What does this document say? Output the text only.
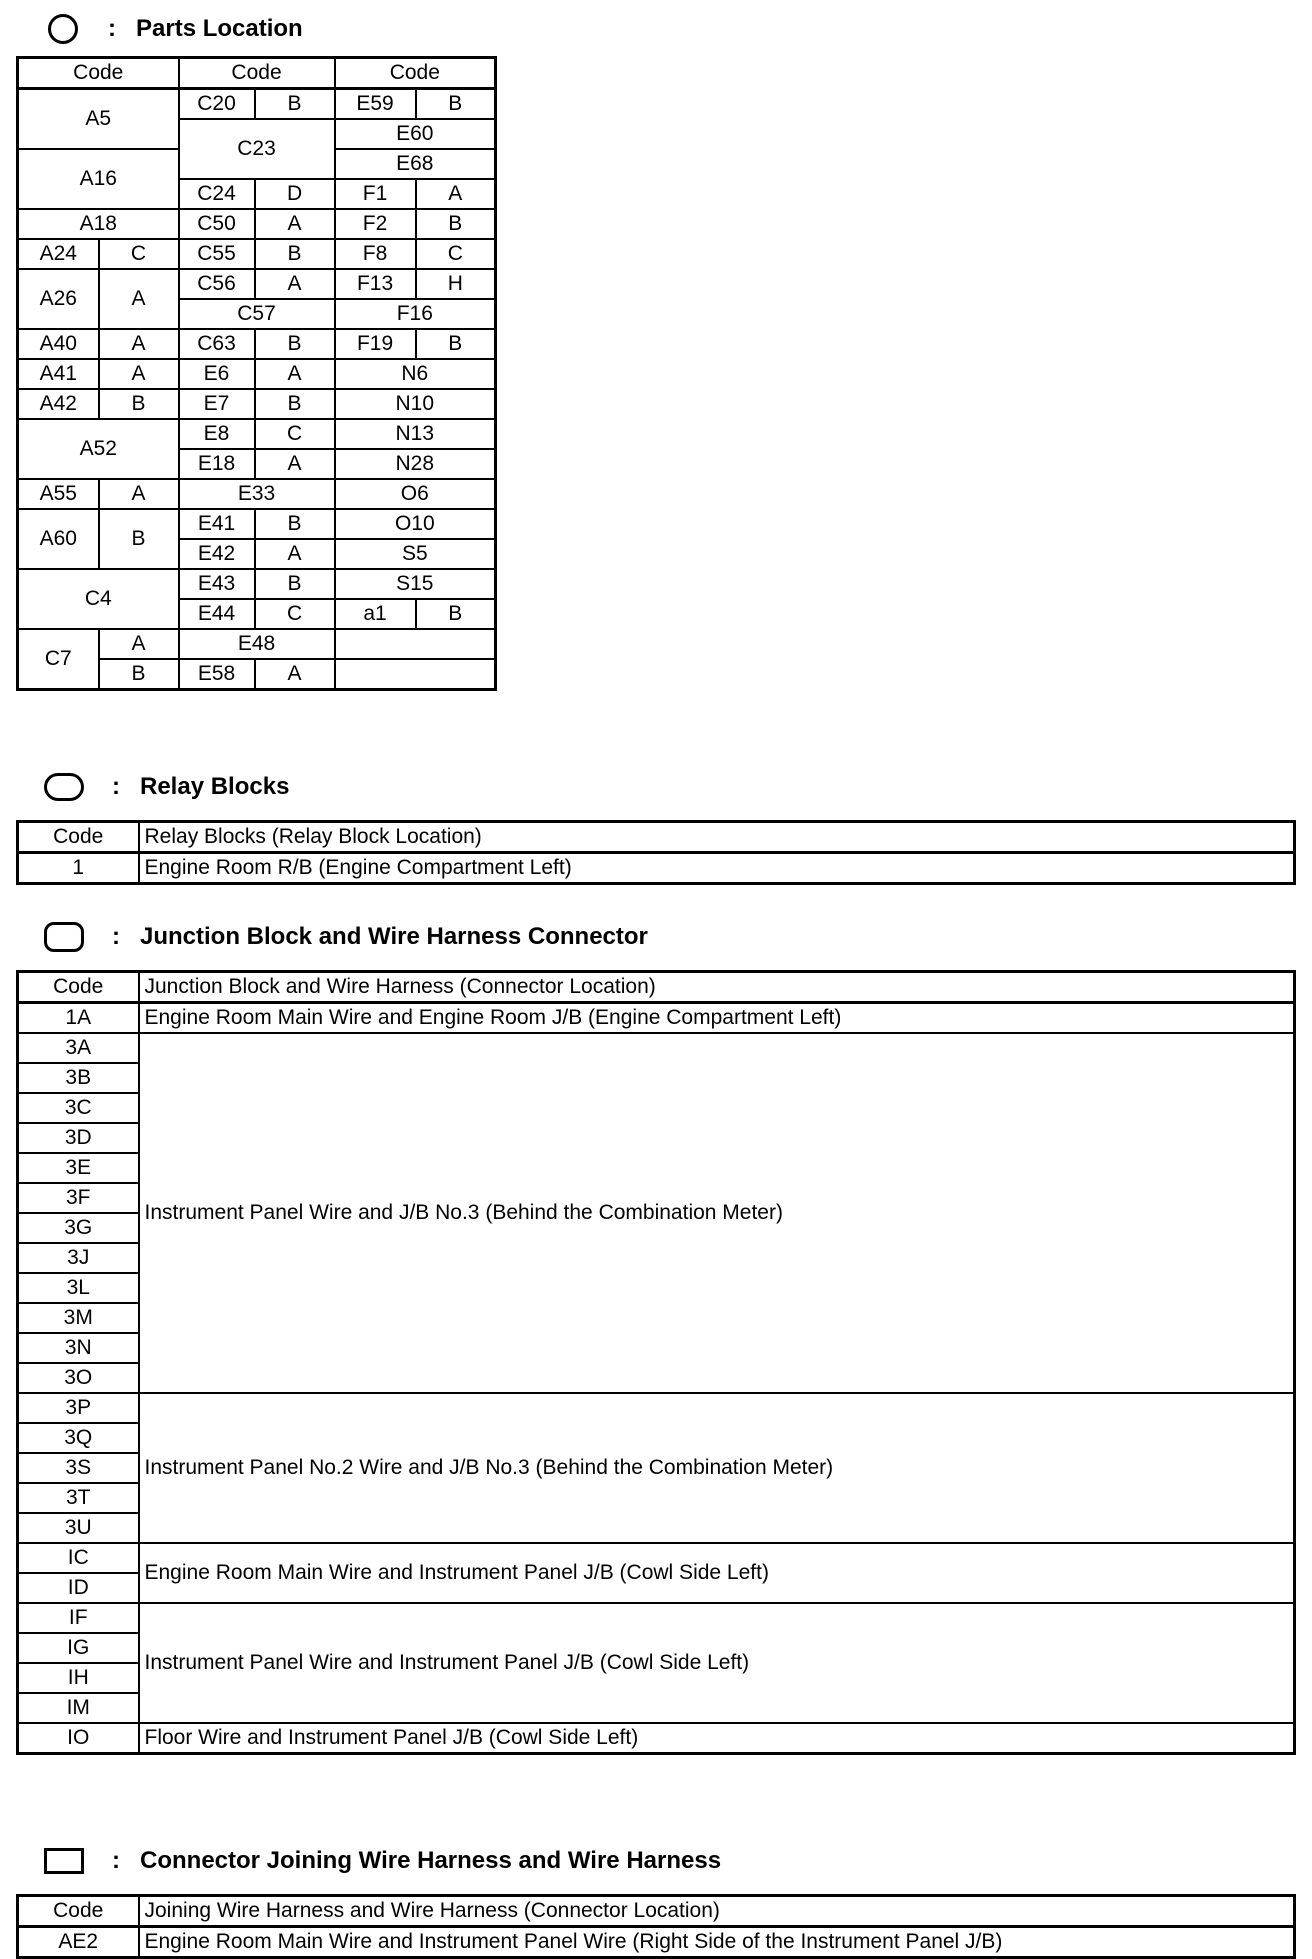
: Parts Location
Code		Code		Code	
A5		C20	B	E59	B
		C23		E60	
A16				E68	
		C24	D	F1	A
A18		C50	A	F2	B
A24	C	C55	B	F8	C
A26	A	C56	A	F13	H
		C57		F16	
A40	A	C63	B	F19	B
A41	A	E6	A	N6	
A42	B	E7	B	N10	
A52		E8	C	N13	
		E18	A	N28	
A55	A	E33		O6	
A60	B	E41	B	O10	
		E42	A	S5	
C4		E43	B	S15	
		E44	C	a1	B
C7	A	E48			
	B	E58	A		
: Relay Blocks
Code	Relay Blocks (Relay Block Location)
1	Engine Room R/B (Engine Compartment Left)
: Junction Block and Wire Harness Connector
Code	Junction Block and Wire Harness (Connector Location)
1A	Engine Room Main Wire and Engine Room J/B (Engine Compartment Left)
3A	Instrument Panel Wire and J/B No.3 (Behind the Combination Meter)
3B	
3C	
3D	
3E	
3F	
3G	
3J	
3L	
3M	
3N	
3O	
3P	Instrument Panel No.2 Wire and J/B No.3 (Behind the Combination Meter)
3Q	
3S	
3T	
3U	
IC	Engine Room Main Wire and Instrument Panel J/B (Cowl Side Left)
ID	
IF	Instrument Panel Wire and Instrument Panel J/B (Cowl Side Left)
IG	
IH	
IM	
IO	Floor Wire and Instrument Panel J/B (Cowl Side Left)
: Connector Joining Wire Harness and Wire Harness
Code	Joining Wire Harness and Wire Harness (Connector Location)
AE2	Engine Room Main Wire and Instrument Panel Wire (Right Side of the Instrument Panel J/B)
